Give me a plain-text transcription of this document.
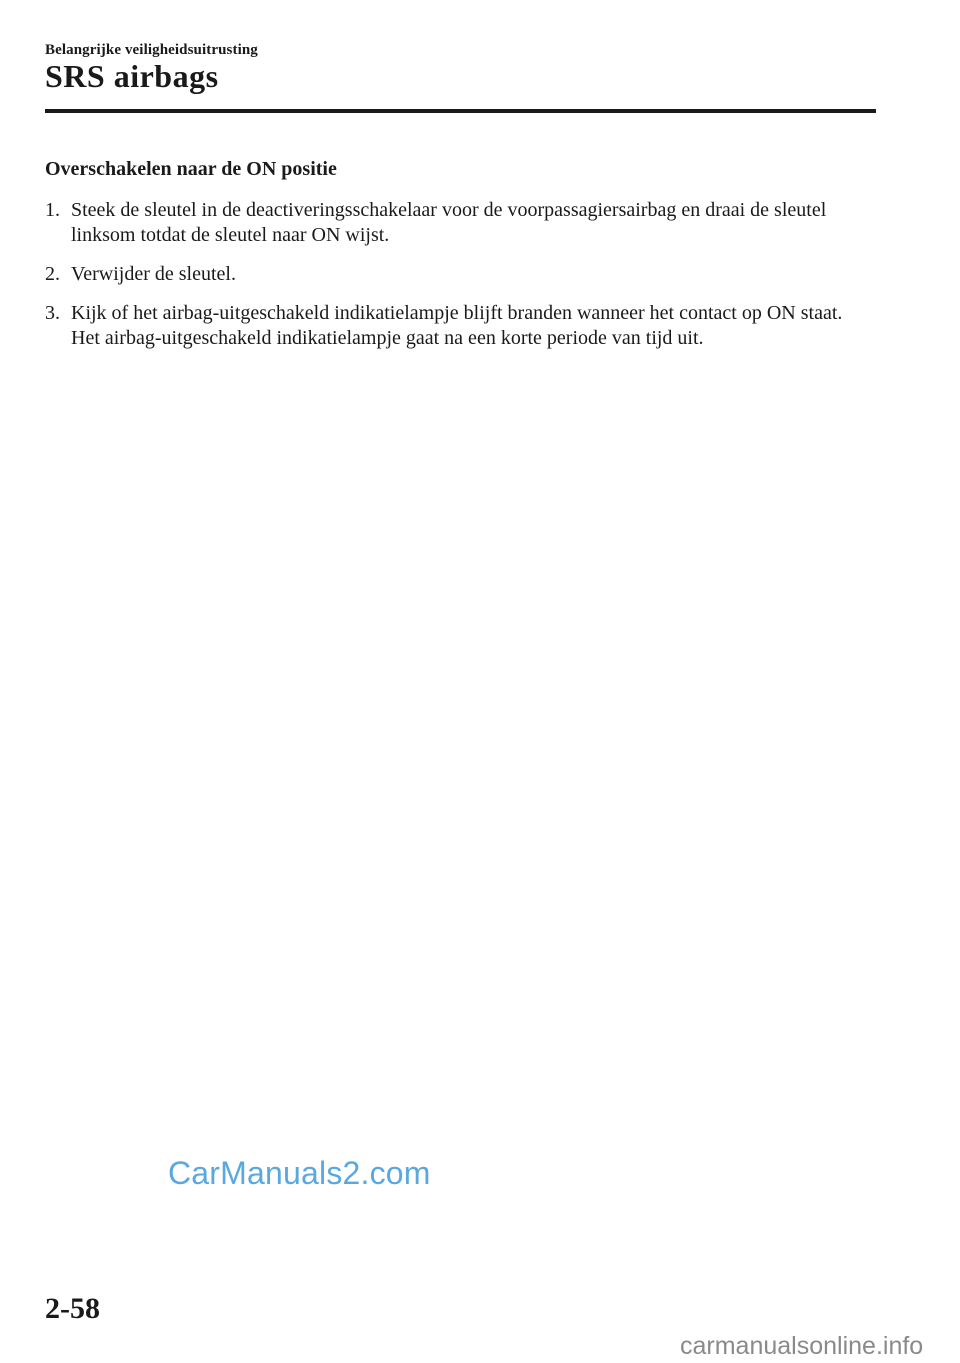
Belangrijke veiligheidsuitrusting
SRS airbags
Overschakelen naar de ON positie
1. Steek de sleutel in de deactiveringsschakelaar voor de voorpassagiersairbag en draai de sleutel linksom totdat de sleutel naar ON wijst.
2. Verwijder de sleutel.
3. Kijk of het airbag-uitgeschakeld indikatielampje blijft branden wanneer het contact op ON staat. Het airbag-uitgeschakeld indikatielampje gaat na een korte periode van tijd uit.
CarManuals2.com
2-58
carmanualsonline.info
